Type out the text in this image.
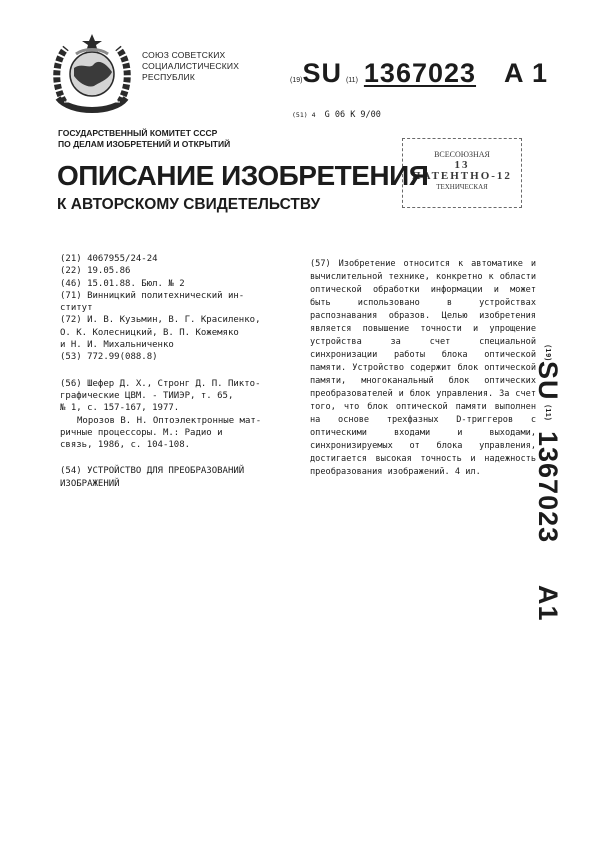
СОЮЗ СОВЕТСКИХ
СОЦИАЛИСТИЧЕСКИХ
РЕСПУБЛИК	(19) SU (11) 1367023 A 1
(51) 4 G 06 K 9/00
ГОСУДАРСТВЕННЫЙ КОМИТЕТ СССР
ПО ДЕЛАМ ИЗОБРЕТЕНИЙ И ОТКРЫТИЙ
ВСЕСОЮЗНАЯ
13 ПАТЕНТНО-12
ТЕХНИЧЕСКАЯ
ОПИСАНИЕ ИЗОБРЕТЕНИЯ
К АВТОРСКОМУ СВИДЕТЕЛЬСТВУ

(21) 4067955/24-24

(22) 19.05.86

(46) 15.01.88. Бюл. № 2

(71) Винницкий политехнический ин-

ститут

(72) И. В. Кузьмин, В. Г. Красиленко,

О. К. Колесницкий, В. П. Кожемяко

и Н. И. Михальниченко

(53) 772.99(088.8)

(56) Шефер Д. Х., Стронг Д. П. Пикто-

графические ЦВМ. - ТИИЭР, т. 65,

№ 1, с. 157-167, 1977.

Морозов В. Н. Оптоэлектронные мат-

ричные процессоры. М.: Радио и

связь, 1986, с. 104-108.

(54) УСТРОЙСТВО ДЛЯ ПРЕОБРАЗОВАНИЙ

ИЗОБРАЖЕНИЙ

(57) Изобретение относится к автоматике и вычислительной технике, конкретно к области оптической обработки информации и может быть использовано в устройствах распознавания образов. Целью изобретения является повышение точности и упрощение устройства за счет специальной синхронизации работы блока оптической памяти. Устройство содержит блок оптической памяти, многоканальный блок оптических преобразователей и блок управления. За счет того, что блок оптической памяти выполнен на основе трехфазных D-триггеров с оптическими входами и выходами, синхронизируемых от блока управления, достигается высокая точность и надежность преобразования изображений. 4 ил.
(19)
SU
(11)
1367023
A1
